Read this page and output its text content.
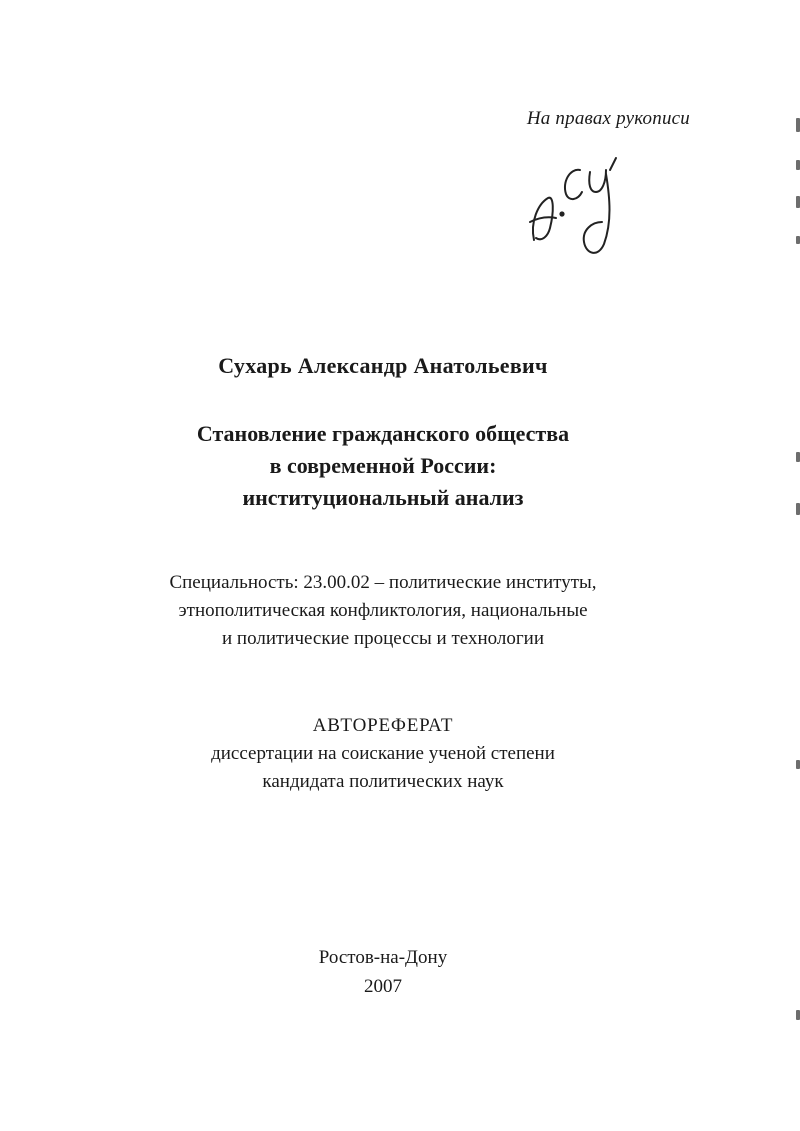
На правах рукописи
Сухарь Александр Анатольевич
Становление гражданского общества
в современной России:
институциональный анализ
Специальность: 23.00.02 – политические институты,
этнополитическая конфликтология, национальные
и политические процессы и технологии
АВТОРЕФЕРАТ
диссертации на соискание ученой степени
кандидата политических наук
Ростов-на-Дону
2007
